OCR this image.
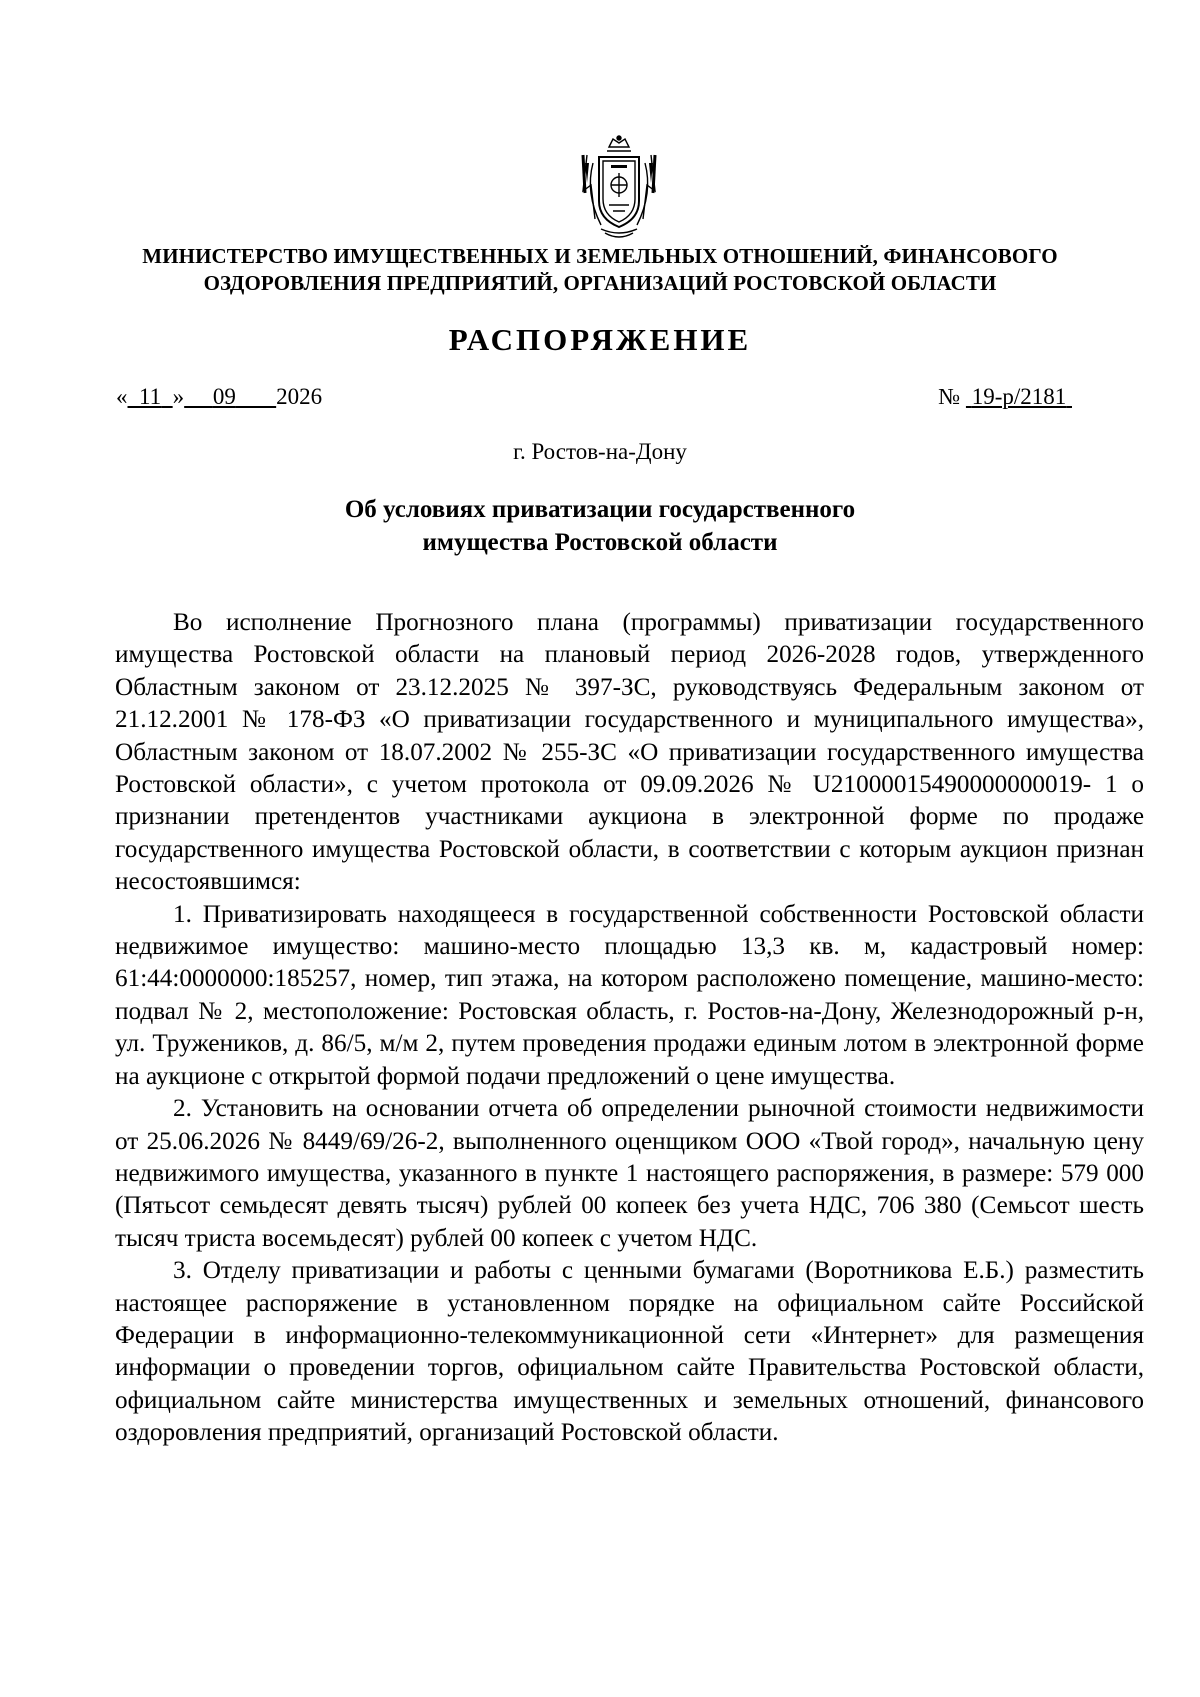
МИНИСТЕРСТВО ИМУЩЕСТВЕННЫХ И ЗЕМЕЛЬНЫХ ОТНОШЕНИЙ, ФИНАНСОВОГО
ОЗДОРОВЛЕНИЯ ПРЕДПРИЯТИЙ, ОРГАНИЗАЦИЙ РОСТОВСКОЙ ОБЛАСТИ
РАСПОРЯЖЕНИЕ
« 11 » 09 2026	№ 19-р/2181
г. Ростов-на-Дону
Об условиях приватизации государственного
имущества Ростовской области

Во исполнение Прогнозного плана (программы) приватизации государственного имущества Ростовской области на плановый период 2026-2028 годов, утвержденного Областным законом от 23.12.2025 № 397-ЗС, руководствуясь Федеральным законом от 21.12.2001 № 178-ФЗ «О приватизации государственного и муниципального имущества», Областным законом от 18.07.2002 № 255-ЗС «О приватизации государственного имущества Ростовской области», с учетом протокола от 09.09.2026 № U21000015490000000019- 1 о признании претендентов участниками аукциона в электронной форме по продаже государственного имущества Ростовской области, в соответствии с которым аукцион признан несостоявшимся:

1. Приватизировать находящееся в государственной собственности Ростовской области недвижимое имущество: машино-место площадью 13,3 кв. м, кадастровый номер: 61:44:0000000:185257, номер, тип этажа, на котором расположено помещение, машино-место: подвал № 2, местоположение: Ростовская область, г. Ростов-на-Дону, Железнодорожный р-н, ул. Тружеников, д. 86/5, м/м 2, путем проведения продажи единым лотом в электронной форме на аукционе с открытой формой подачи предложений о цене имущества.

2. Установить на основании отчета об определении рыночной стоимости недвижимости от 25.06.2026 № 8449/69/26-2, выполненного оценщиком ООО «Твой город», начальную цену недвижимого имущества, указанного в пункте 1 настоящего распоряжения, в размере: 579 000 (Пятьсот семьдесят девять тысяч) рублей 00 копеек без учета НДС, 706 380 (Семьсот шесть тысяч триста восемьдесят) рублей 00 копеек с учетом НДС.

3. Отделу приватизации и работы с ценными бумагами (Воротникова Е.Б.) разместить настоящее распоряжение в установленном порядке на официальном сайте Российской Федерации в информационно-телекоммуникационной сети «Интернет» для размещения информации о проведении торгов, официальном сайте Правительства Ростовской области, официальном сайте министерства имущественных и земельных отношений, финансового оздоровления предприятий, организаций Ростовской области.
